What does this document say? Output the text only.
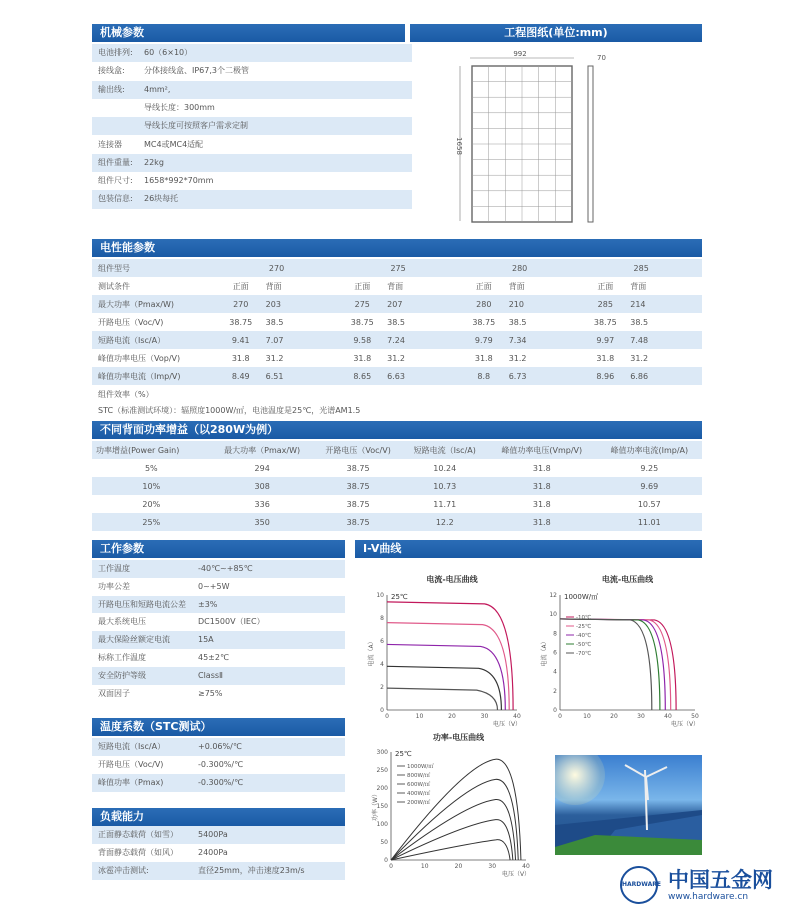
机械参数	工程图纸(单位:mm)
电池排列: 60（6×10）
接线盒: 分体接线盒、IP67,3个二极管
输出线: 4mm²,
导线长度：300mm
导线长度可按照客户需求定制
连接器	MC4或MC4适配
组件重量: 22kg
组件尺寸: 1658*992*70mm
包装信息: 26块每托
992
1658
70
电性能参数
组件型号	270		275		280		285	
测试条件	正面	背面	正面	背面	正面	背面	正面	背面
最大功率（Pmax/W)	270	203	275	207	280	210	285	214
开路电压（Voc/V)	38.75	38.5	38.75	38.5	38.75	38.5	38.75	38.5
短路电流（Isc/A）	9.41	7.07	9.58	7.24	9.79	7.34	9.97	7.48
峰值功率电压（Vop/V)	31.8	31.2	31.8	31.2	31.8	31.2	31.8	31.2
峰值功率电流（Imp/V)	8.49	6.51	8.65	6.63	8.8	6.73	8.96	6.86
组件效率（%）								
STC（标准测试环境）：辐照度1000W/㎡，电池温度是25℃，光谱AM1.5
不同背面功率增益（以280W为例）
功率增益(Power Gain)	最大功率（Pmax/W)	开路电压（Voc/V)	短路电流（Isc/A)	峰值功率电压(Vmp/V)	峰值功率电流(Imp/A)
5%	294	38.75	10.24	31.8	9.25
10%	308	38.75	10.73	31.8	9.69
20%	336	38.75	11.71	31.8	10.57
25%	350	38.75	12.2	31.8	11.01
工作参数
工作温度	-40℃~+85℃
功率公差	0~+5W
开路电压和短路电流公差 ±3%
最大系统电压	DC1500V（IEC）
最大保险丝额定电流	15A
标称工作温度	45±2℃
安全防护等级	ClassⅡ
双面因子	≥75%
温度系数（STC测试）
短路电流（Isc/A）	+0.06%/℃
开路电压（Voc/V)	-0.300%/℃
峰值功率（Pmax)	-0.300%/℃
负载能力
正面静态载荷（如雪）	5400Pa
背面静态载荷（如风）	2400Pa
冰雹冲击测试:	直径25mm，冲击速度23m/s
I-V曲线
电流-电压曲线
0
2
4
6
8
10
0	10	20	30	40
电流（A）
电压（V）
25℃
电流-电压曲线
0
2
4
6
8
10
12
0	10	20	30	40	50
电流（A）
电压（V）
1000W/㎡
-10℃
-25℃
-40℃
-50℃
-70℃
功率-电压曲线
0
50
100
150
200
250
300
0	10	20	30	40
功率（W）
电压（V）
25℃
1000W/㎡
800W/㎡
600W/㎡
400W/㎡
200W/㎡
HARDWARE 中国五金网
www.hardware.cn
